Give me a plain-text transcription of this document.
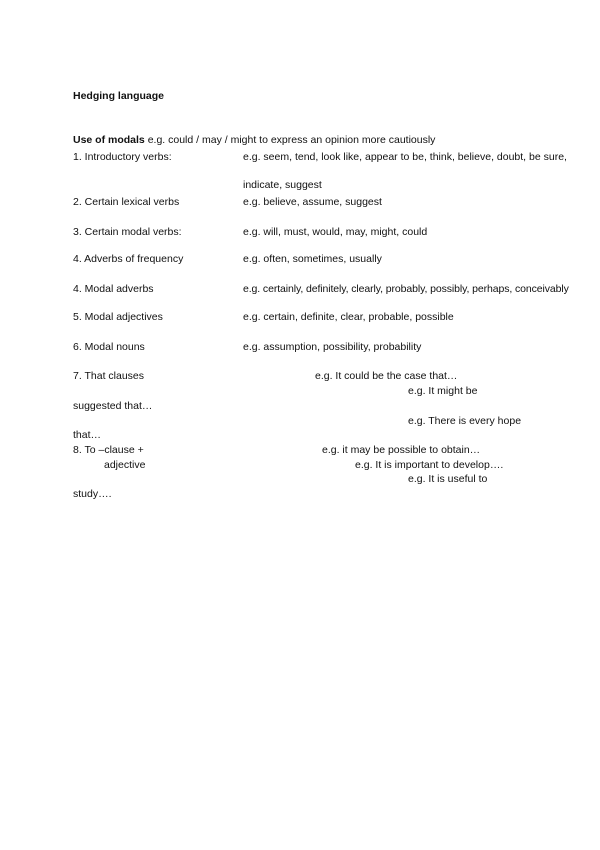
Hedging language
Use of modals e.g. could / may / might to express an opinion more cautiously
1. Introductory verbs:	e.g. seem, tend, look like, appear to be, think, believe, doubt, be sure,
indicate, suggest
2. Certain lexical verbs	e.g. believe, assume, suggest
3. Certain modal verbs:	e.g. will, must, would, may, might, could
4. Adverbs of frequency	e.g. often, sometimes, usually
4. Modal adverbs	e.g. certainly, definitely, clearly, probably, possibly, perhaps, conceivably
5. Modal adjectives	e.g. certain, definite, clear, probable, possible
6. Modal nouns	e.g. assumption, possibility, probability
7. That clauses	e.g. It could be the case that…
e.g. It might be
suggested that…
e.g. There is every hope
that…
8. To –clause +	e.g. it may be possible to obtain…
adjective	e.g. It is important to develop….
e.g. It is useful to
study….
